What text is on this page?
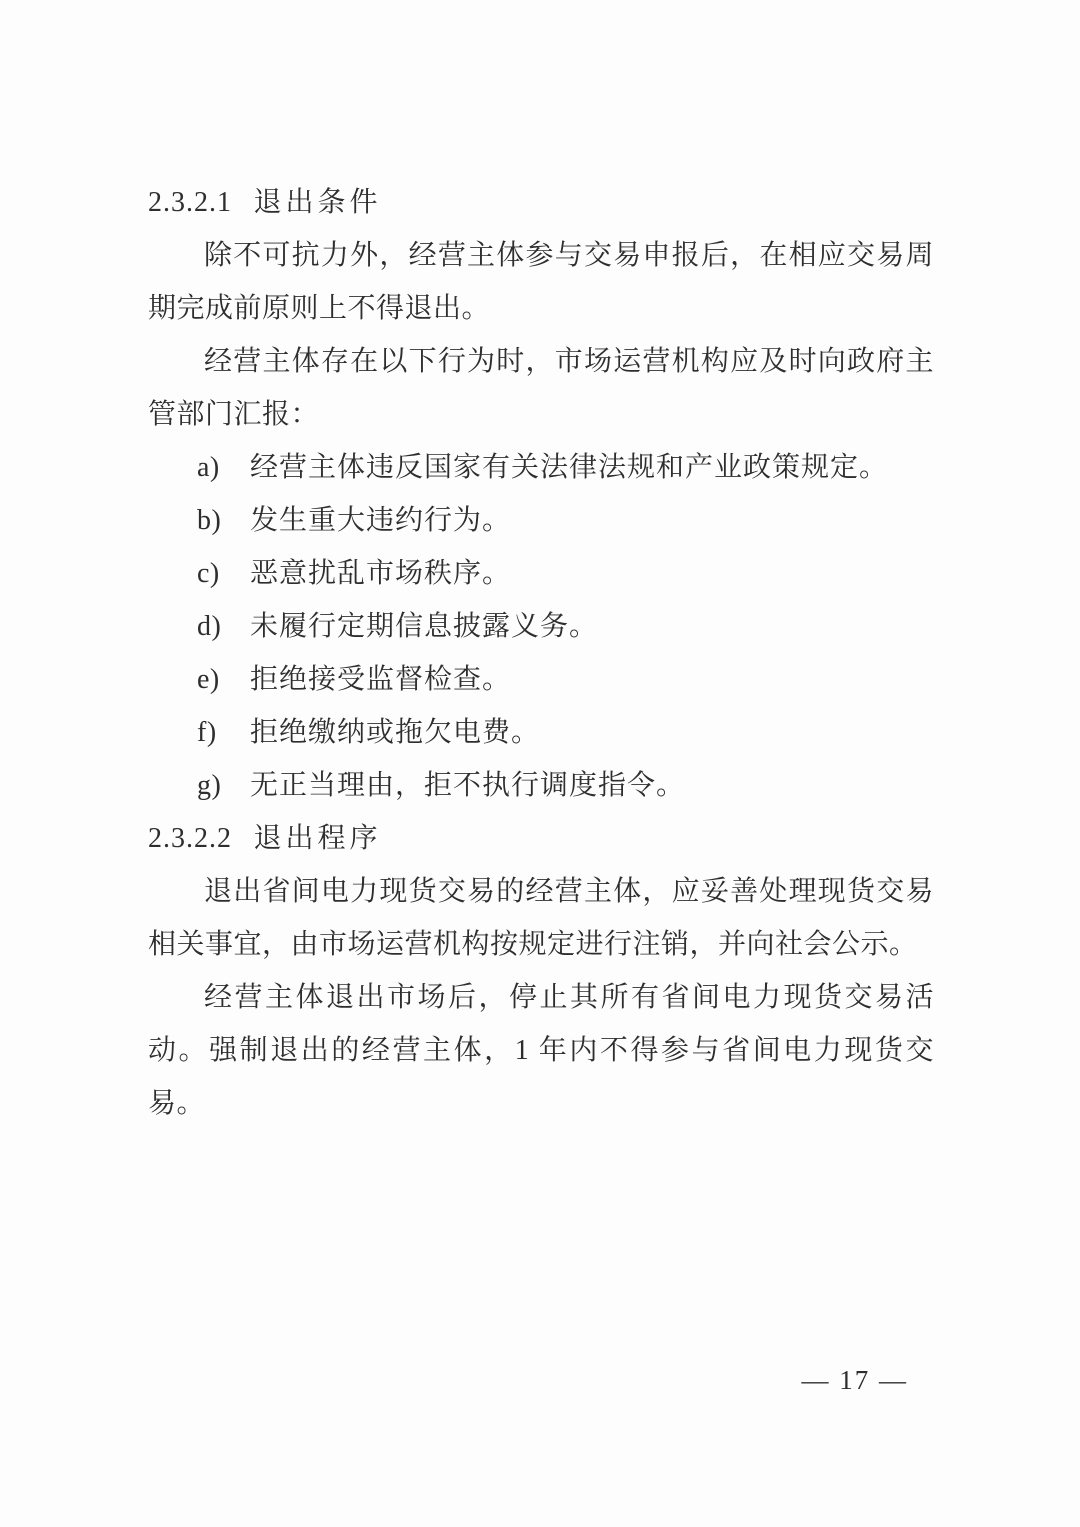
2.3.2.1 退出条件

除不可抗力外，经营主体参与交易申报后，在相应交易周期完成前原则上不得退出。

经营主体存在以下行为时，市场运营机构应及时向政府主管部门汇报：

a) 经营主体违反国家有关法律法规和产业政策规定。
b) 发生重大违约行为。
c) 恶意扰乱市场秩序。
d) 未履行定期信息披露义务。
e) 拒绝接受监督检查。
f) 拒绝缴纳或拖欠电费。
g) 无正当理由，拒不执行调度指令。
2.3.2.2 退出程序

退出省间电力现货交易的经营主体，应妥善处理现货交易相关事宜，由市场运营机构按规定进行注销，并向社会公示。

经营主体退出市场后，停止其所有省间电力现货交易活动。强制退出的经营主体，1 年内不得参与省间电力现货交易。

— 17 —
